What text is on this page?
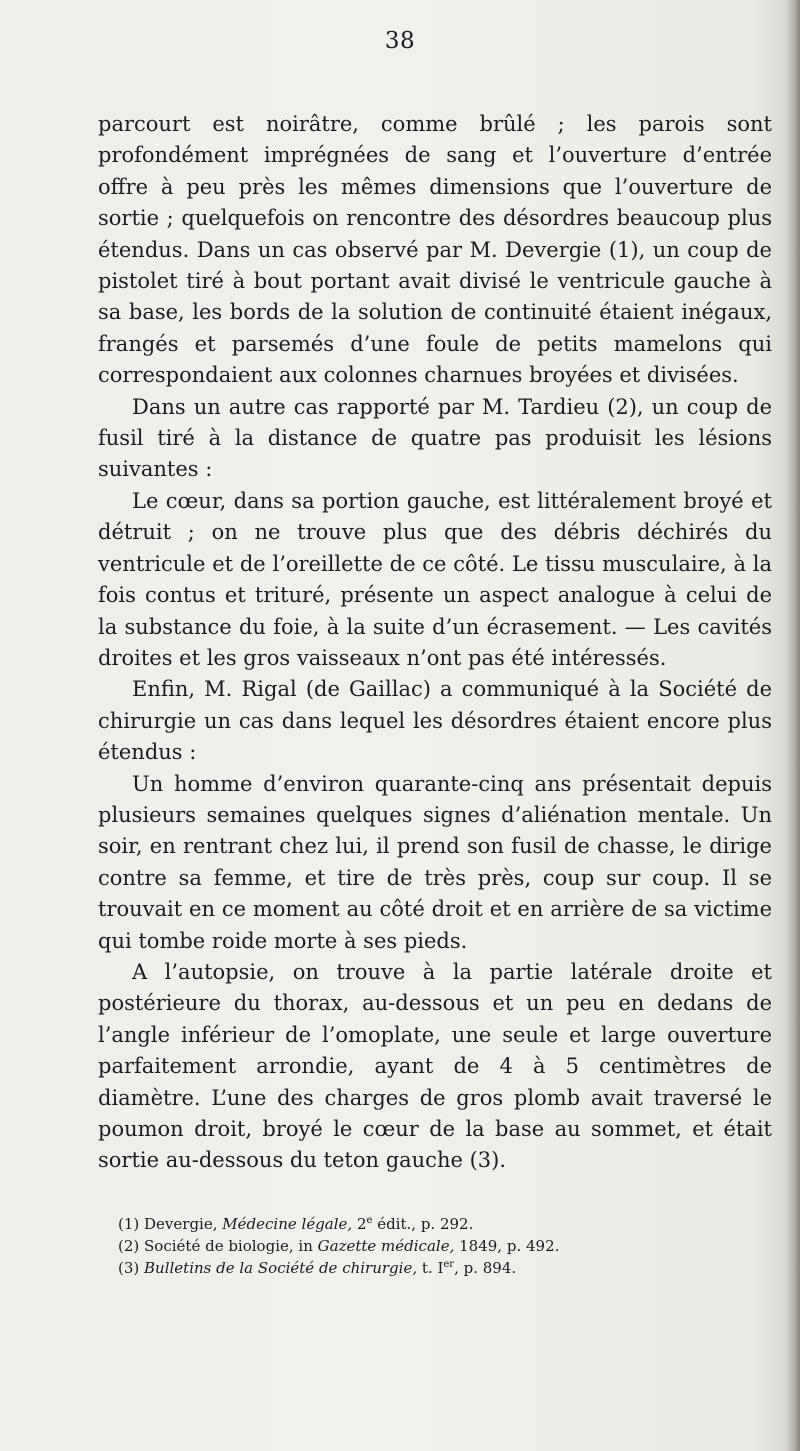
38

parcourt est noirâtre, comme brûlé ; les parois sont profondément imprégnées de sang et l’ouverture d’entrée offre à peu près les mêmes dimensions que l’ouverture de sortie ; quelquefois on rencontre des désordres beaucoup plus étendus. Dans un cas observé par M. Devergie (1), un coup de pistolet tiré à bout portant avait divisé le ventricule gauche à sa base, les bords de la solution de continuité étaient inégaux, frangés et parsemés d’une foule de petits mamelons qui correspondaient aux colonnes charnues broyées et divisées.

Dans un autre cas rapporté par M. Tardieu (2), un coup de fusil tiré à la distance de quatre pas produisit les lésions suivantes :

Le cœur, dans sa portion gauche, est littéralement broyé et détruit ; on ne trouve plus que des débris déchirés du ventricule et de l’oreillette de ce côté. Le tissu musculaire, à la fois contus et trituré, présente un aspect analogue à celui de la substance du foie, à la suite d’un écrasement. — Les cavités droites et les gros vaisseaux n’ont pas été intéressés.

Enfin, M. Rigal (de Gaillac) a communiqué à la Société de chirurgie un cas dans lequel les désordres étaient encore plus étendus :

Un homme d’environ quarante-cinq ans présentait depuis plusieurs semaines quelques signes d’aliénation mentale. Un soir, en rentrant chez lui, il prend son fusil de chasse, le dirige contre sa femme, et tire de très près, coup sur coup. Il se trouvait en ce moment au côté droit et en arrière de sa victime qui tombe roide morte à ses pieds.

A l’autopsie, on trouve à la partie latérale droite et postérieure du thorax, au-dessous et un peu en dedans de l’angle inférieur de l’omoplate, une seule et large ouverture parfaitement arrondie, ayant de 4 à 5 centimètres de diamètre. L’une des charges de gros plomb avait traversé le poumon droit, broyé le cœur de la base au sommet, et était sortie au-dessous du teton gauche (3).

(1) Devergie, Médecine légale, 2e édit., p. 292.
(2) Société de biologie, in Gazette médicale, 1849, p. 492.
(3) Bulletins de la Société de chirurgie, t. Ier, p. 894.
